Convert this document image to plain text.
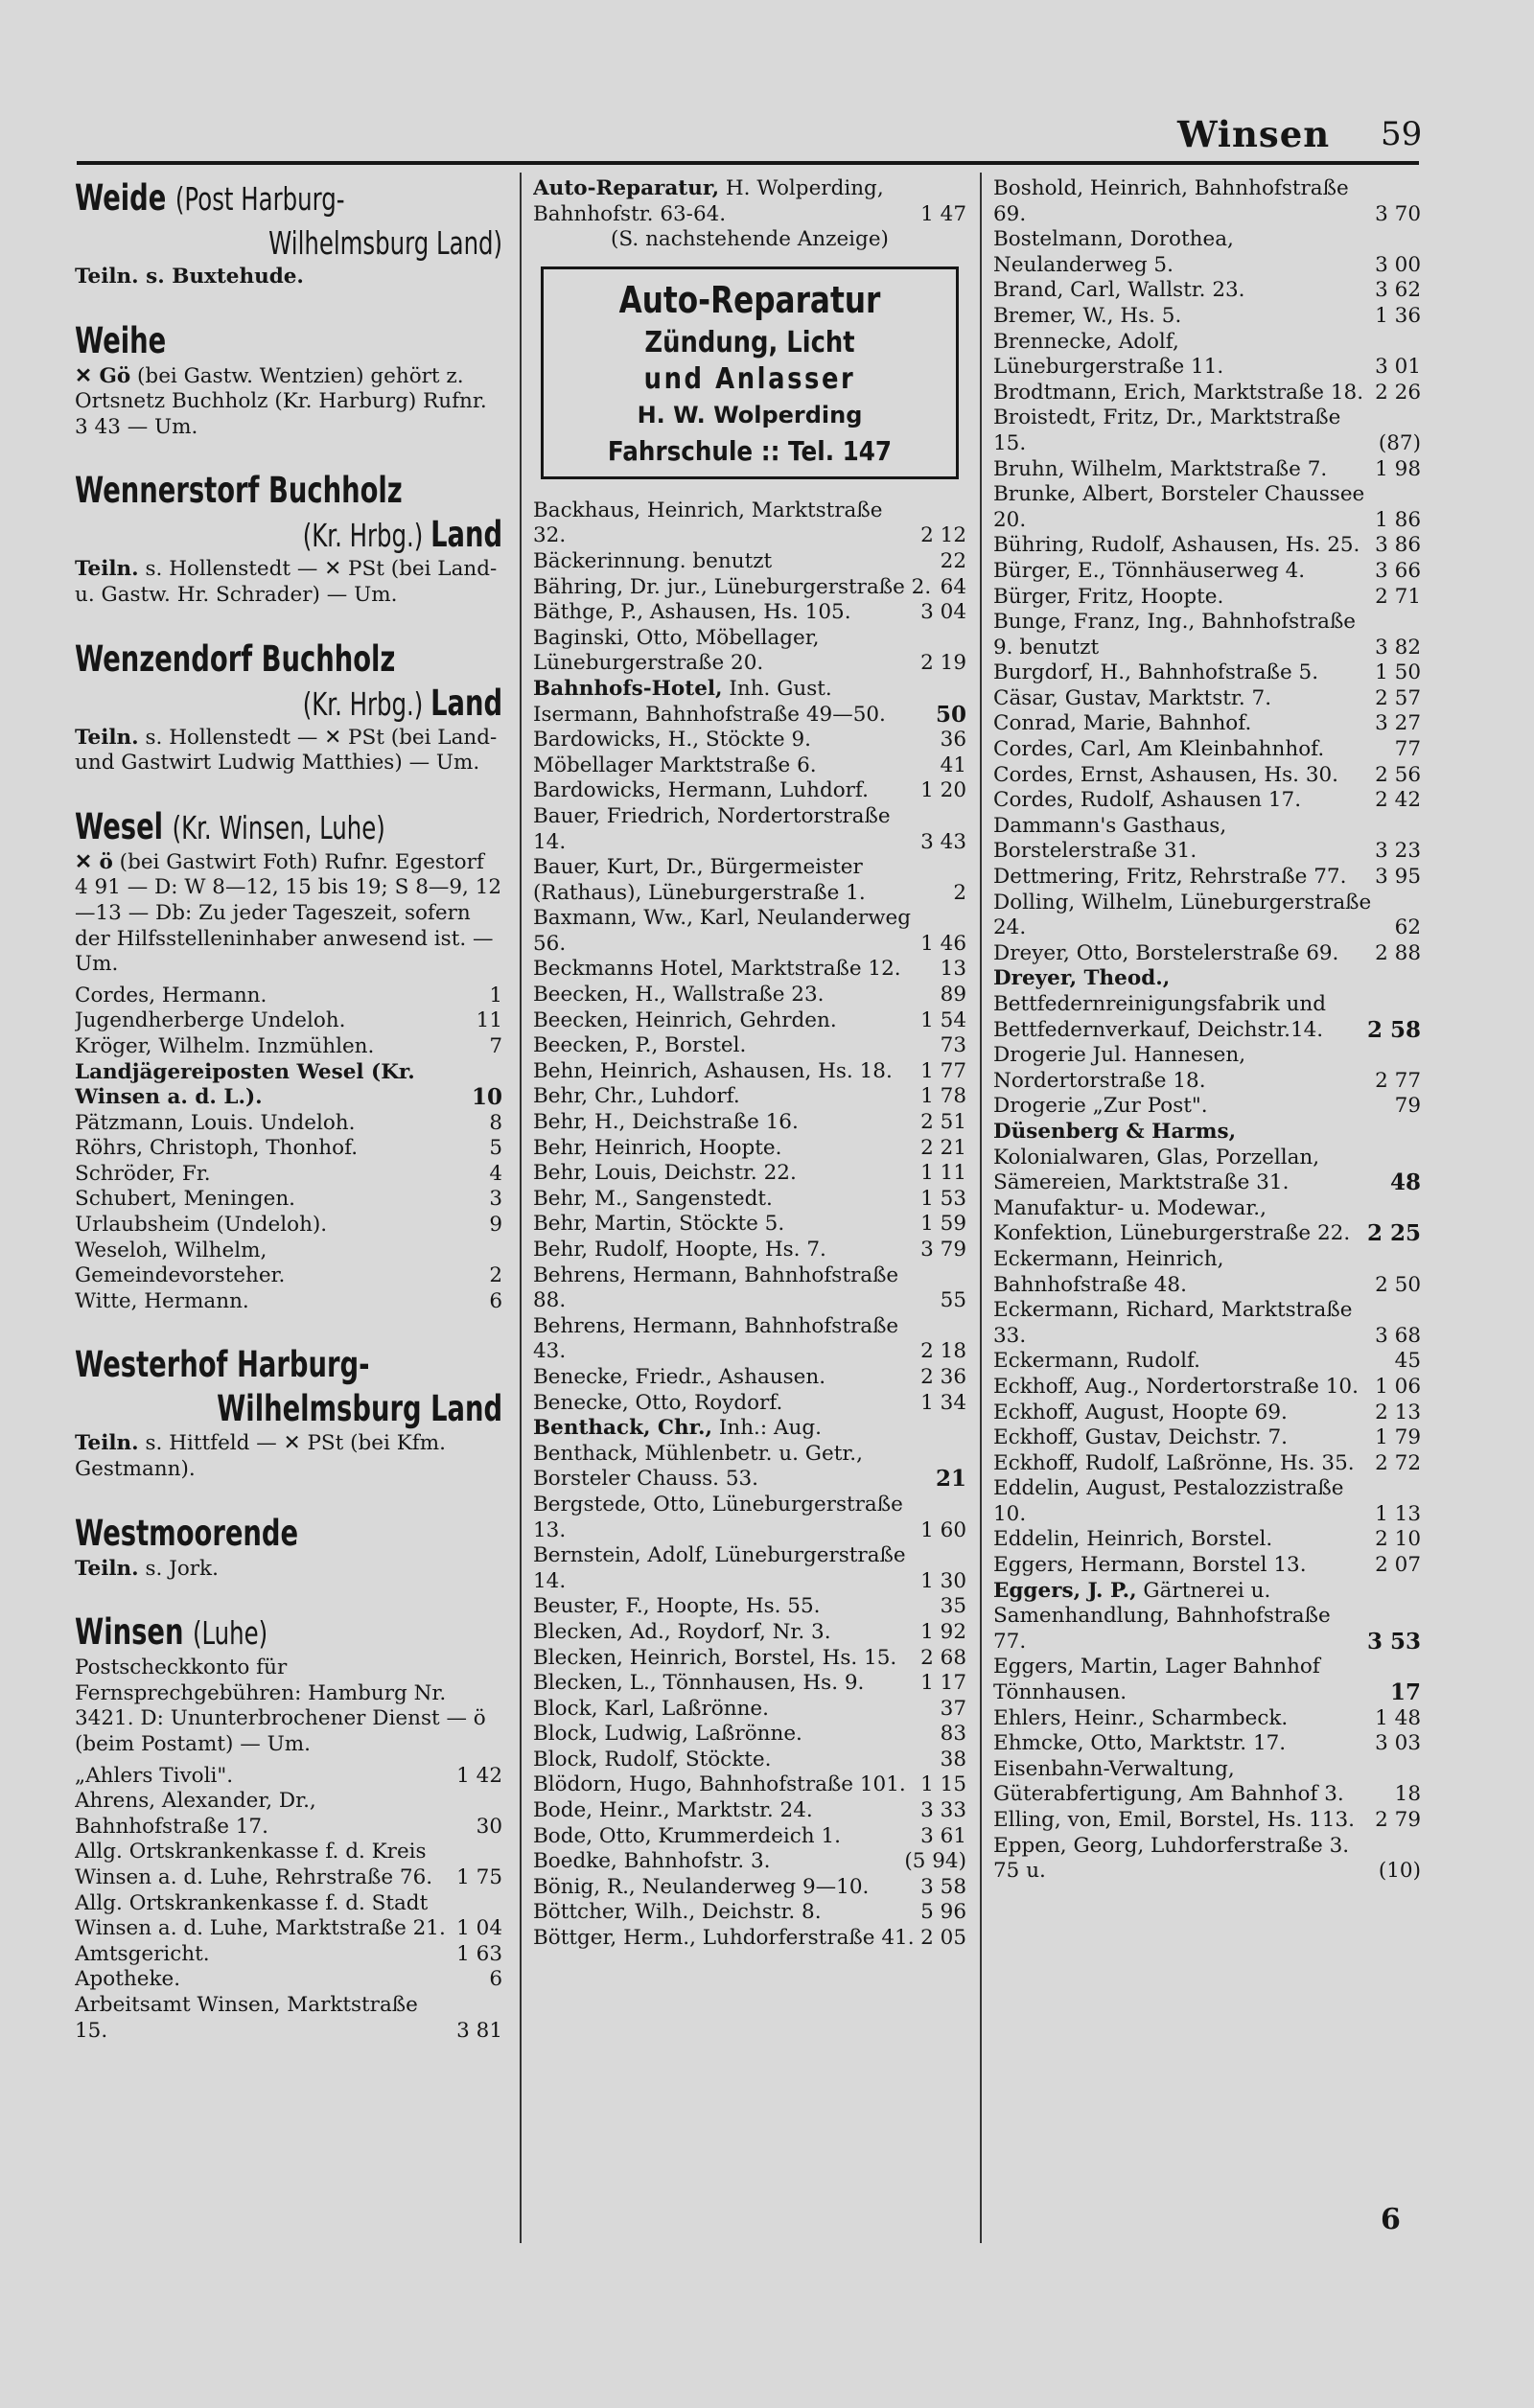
Winsen 59
Weide (Post Harburg-
Wilhelmsburg Land)
Teiln. s. Buxtehude.
Weihe
✕ Gö (bei Gastw. Wentzien) gehört z. Ortsnetz Buchholz (Kr. Harburg) Rufnr. 3 43 — Um.
Wennerstorf Buchholz
(Kr. Hrbg.) Land
Teiln. s. Hollenstedt — ✕ PSt (bei Land- u. Gastw. Hr. Schrader) — Um.
Wenzendorf Buchholz
(Kr. Hrbg.) Land
Teiln. s. Hollenstedt — ✕ PSt (bei Land- und Gastwirt Ludwig Matthies) — Um.
Wesel (Kr. Winsen, Luhe)
✕ ö (bei Gastwirt Foth) Rufnr. Egestorf 4 91 — D: W 8—12, 15 bis 19; S 8—9, 12—13 — Db: Zu jeder Tageszeit, sofern der Hilfsstelleninhaber anwesend ist. — Um.
Cordes, Hermann.	1
Jugendherberge Undeloh.	11
Kröger, Wilhelm. Inzmühlen.	7
Landjägereiposten Wesel (Kr. Winsen a. d. L.).	10
Pätzmann, Louis. Undeloh.	8
Röhrs, Christoph, Thonhof.	5
Schröder, Fr.	4
Schubert, Meningen.	3
Urlaubsheim (Undeloh).	9
Weseloh, Wilhelm, Gemeindevorsteher.	2
Witte, Hermann.	6
Westerhof Harburg-
Wilhelmsburg Land
Teiln. s. Hittfeld — ✕ PSt (bei Kfm. Gestmann).
Westmoorende
Teiln. s. Jork.
Winsen (Luhe)
Postscheckkonto für Fernsprechgebühren: Hamburg Nr. 3421. D: Ununterbrochener Dienst — ö (beim Postamt) — Um.
„Ahlers Tivoli".	1 42
Ahrens, Alexander, Dr., Bahnhofstraße 17.	30
Allg. Ortskrankenkasse f. d. Kreis Winsen a. d. Luhe, Rehrstraße 76.	1 75
Allg. Ortskrankenkasse f. d. Stadt Winsen a. d. Luhe, Marktstraße 21. 1 04
Amtsgericht.	1 63
Apotheke.	6
Arbeitsamt Winsen, Marktstraße 15.	3 81
Auto-Reparatur, H. Wolperding, Bahnhofstr. 63-64.	1 47
(S. nachstehende Anzeige)
Auto-Reparatur
Zündung, Licht
und Anlasser
H. W. Wolperding
Fahrschule :: Tel. 147
Backhaus, Heinrich, Marktstraße 32.	2 12
Bäckerinnung. benutzt	22
Bähring, Dr. jur., Lüneburgerstraße 2. 64
Bäthge, P., Ashausen, Hs. 105.	3 04
Baginski, Otto, Möbellager, Lüneburgerstraße 20.	2 19
Bahnhofs-Hotel, Inh. Gust. Isermann, Bahnhofstraße 49—50.	50
Bardowicks, H., Stöckte 9.	36
Möbellager Marktstraße 6.	41
Bardowicks, Hermann, Luhdorf.	1 20
Bauer, Friedrich, Nordertorstraße 14.	3 43
Bauer, Kurt, Dr., Bürgermeister (Rathaus), Lüneburgerstraße 1.	2
Baxmann, Ww., Karl, Neulanderweg 56.	1 46
Beckmanns Hotel, Marktstraße 12.	13
Beecken, H., Wallstraße 23.	89
Beecken, Heinrich, Gehrden.	1 54
Beecken, P., Borstel.	73
Behn, Heinrich, Ashausen, Hs. 18.	1 77
Behr, Chr., Luhdorf.	1 78
Behr, H., Deichstraße 16.	2 51
Behr, Heinrich, Hoopte.	2 21
Behr, Louis, Deichstr. 22.	1 11
Behr, M., Sangenstedt.	1 53
Behr, Martin, Stöckte 5.	1 59
Behr, Rudolf, Hoopte, Hs. 7.	3 79
Behrens, Hermann, Bahnhofstraße 88.	55
Behrens, Hermann, Bahnhofstraße 43.	2 18
Benecke, Friedr., Ashausen.	2 36
Benecke, Otto, Roydorf.	1 34
Benthack, Chr., Inh.: Aug. Benthack, Mühlenbetr. u. Getr., Borsteler Chauss. 53.	21
Bergstede, Otto, Lüneburgerstraße 13.	1 60
Bernstein, Adolf, Lüneburgerstraße 14.	1 30
Beuster, F., Hoopte, Hs. 55.	35
Blecken, Ad., Roydorf, Nr. 3.	1 92
Blecken, Heinrich, Borstel, Hs. 15.	2 68
Blecken, L., Tönnhausen, Hs. 9.	1 17
Block, Karl, Laßrönne.	37
Block, Ludwig, Laßrönne.	83
Block, Rudolf, Stöckte.	38
Blödorn, Hugo, Bahnhofstraße 101. 1 15
Bode, Heinr., Marktstr. 24.	3 33
Bode, Otto, Krummerdeich 1.	3 61
Boedke, Bahnhofstr. 3.	(5 94)
Bönig, R., Neulanderweg 9—10.	3 58
Böttcher, Wilh., Deichstr. 8.	5 96
Böttger, Herm., Luhdorferstraße 41. 2 05
Boshold, Heinrich, Bahnhofstraße 69.	3 70
Bostelmann, Dorothea, Neulanderweg 5.	3 00
Brand, Carl, Wallstr. 23.	3 62
Bremer, W., Hs. 5.	1 36
Brennecke, Adolf, Lüneburgerstraße 11.	3 01
Brodtmann, Erich, Marktstraße 18. 2 26
Broistedt, Fritz, Dr., Marktstraße 15.	(87)
Bruhn, Wilhelm, Marktstraße 7.	1 98
Brunke, Albert, Borsteler Chaussee 20.	1 86
Bühring, Rudolf, Ashausen, Hs. 25. 3 86
Bürger, E., Tönnhäuserweg 4.	3 66
Bürger, Fritz, Hoopte.	2 71
Bunge, Franz, Ing., Bahnhofstraße 9. benutzt	3 82
Burgdorf, H., Bahnhofstraße 5.	1 50
Cäsar, Gustav, Marktstr. 7.	2 57
Conrad, Marie, Bahnhof.	3 27
Cordes, Carl, Am Kleinbahnhof.	77
Cordes, Ernst, Ashausen, Hs. 30.	2 56
Cordes, Rudolf, Ashausen 17.	2 42
Dammann's Gasthaus, Borstelerstraße 31.	3 23
Dettmering, Fritz, Rehrstraße 77.	3 95
Dolling, Wilhelm, Lüneburgerstraße 24.	62
Dreyer, Otto, Borstelerstraße 69.	2 88
Dreyer, Theod., Bettfedernreinigungsfabrik und Bettfedernverkauf, Deichstr.14.	2 58
Drogerie Jul. Hannesen, Nordertorstraße 18.	2 77
Drogerie „Zur Post".	79
Düsenberg & Harms, Kolonialwaren, Glas, Porzellan, Sämereien, Marktstraße 31.	48
Manufaktur- u. Modewar., Konfektion, Lüneburgerstraße 22. 2 25
Eckermann, Heinrich, Bahnhofstraße 48.	2 50
Eckermann, Richard, Marktstraße 33.	3 68
Eckermann, Rudolf.	45
Eckhoff, Aug., Nordertorstraße 10. 1 06
Eckhoff, August, Hoopte 69.	2 13
Eckhoff, Gustav, Deichstr. 7.	1 79
Eckhoff, Rudolf, Laßrönne, Hs. 35.	2 72
Eddelin, August, Pestalozzistraße 10.	1 13
Eddelin, Heinrich, Borstel.	2 10
Eggers, Hermann, Borstel 13.	2 07
Eggers, J. P., Gärtnerei u. Samenhandlung, Bahnhofstraße 77.	3 53
Eggers, Martin, Lager Bahnhof Tönnhausen.	17
Ehlers, Heinr., Scharmbeck.	1 48
Ehmcke, Otto, Marktstr. 17.	3 03
Eisenbahn-Verwaltung, Güterabfertigung, Am Bahnhof 3.	18
Elling, von, Emil, Borstel, Hs. 113. 2 79
Eppen, Georg, Luhdorferstraße 3. 75 u.	(10)
6
